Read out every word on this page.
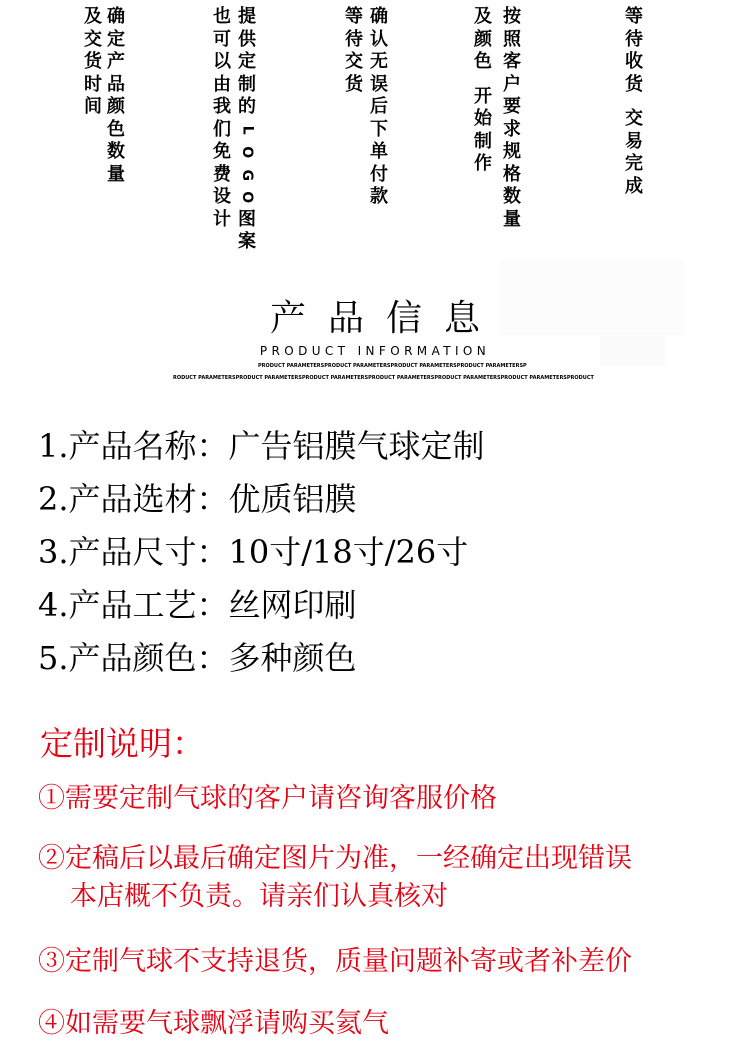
及
交
货
时
间
确
定
产
品
颜
色
数
量
也
可
以
由
我
们
免
费
设
计
提
供
定
制
的
L
O
G
O
图
案
等
待
交
货
确
认
无
误
后
下
单
付
款
及
颜
色
开
始
制
作
按
照
客
户
要
求
规
格
数
量
等
待
收
货
交
易
完
成
产品信息
PRODUCT INFORMATION
PRODUCT PARAMETERSPRODUCT PARAMETERSPRODUCT PARAMETERSPRODUCT PARAMETERSP
RODUCT PARAMETERSPRODUCT PARAMETERSPRODUCT PARAMETERSPRODUCT PARAMETERSPRODUCT PARAMETERSPRODUCT PARAMETERSPRODUCT
1.产品名称：广告铝膜气球定制
2.产品选材：优质铝膜
3.产品尺寸：10寸/18寸/26寸
4.产品工艺：丝网印刷
5.产品颜色：多种颜色
定制说明：
①需要定制气球的客户请咨询客服价格
②定稿后以最后确定图片为准，一经确定出现错误
本店概不负责。请亲们认真核对
③定制气球不支持退货，质量问题补寄或者补差价
④如需要气球飘浮请购买氦气
